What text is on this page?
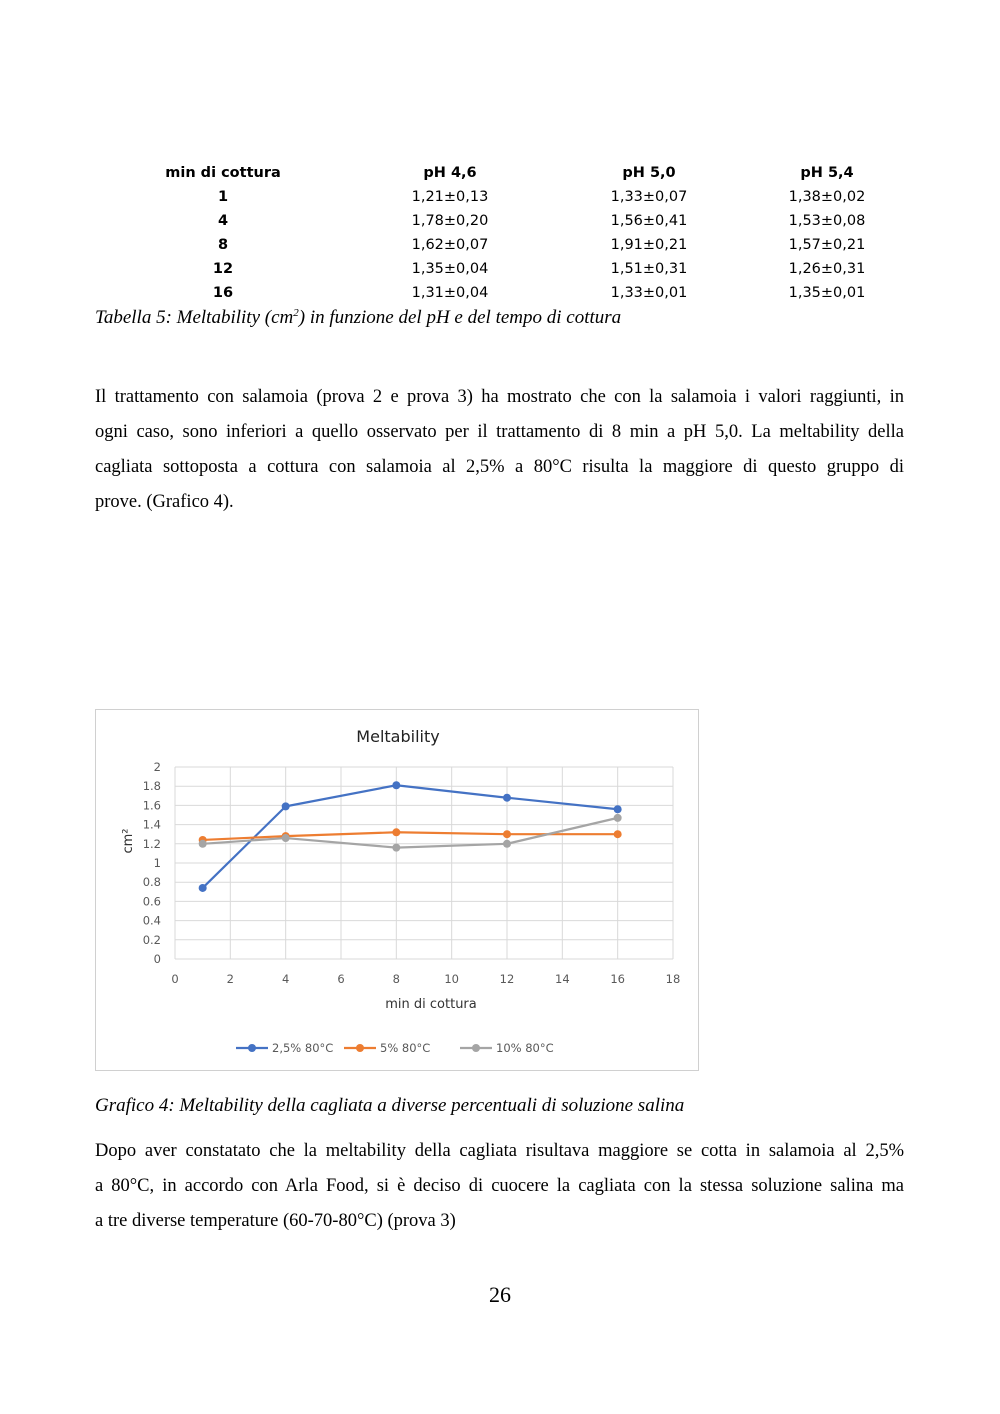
min di cottura	pH 4,6	pH 5,0	pH 5,4
1	1,21±0,13	1,33±0,07	1,38±0,02
4	1,78±0,20	1,56±0,41	1,53±0,08
8	1,62±0,07	1,91±0,21	1,57±0,21
12	1,35±0,04	1,51±0,31	1,26±0,31
16	1,31±0,04	1,33±0,01	1,35±0,01
Tabella 5: Meltability $(cm^2)$ in funzione del pH e del tempo di cottura
Il trattamento con salamoia (prova 2 e prova 3) ha mostrato che con la salamoia i valori raggiunti, in
ogni caso, sono inferiori a quello osservato per il trattamento di 8 min a pH 5,0. La meltability della
cagliata sottoposta a cottura con salamoia al 2,5% a 80°C risulta la maggiore di questo gruppo di
prove. (Grafico 4).
0
0.2
0.4
0.6
0.8
1
1.2
1.4
1.6
1.8
2
0	2	4	6	8	10	12	14	16	18
Meltability
min di cottura
cm²
2,5% 80°C	5% 80°C	10% 80°C
Grafico 4: Meltability della cagliata a diverse percentuali di soluzione salina
Dopo aver constatato che la meltability della cagliata risultava maggiore se cotta in salamoia al 2,5%
a 80°C, in accordo con Arla Food, si è deciso di cuocere la cagliata con la stessa soluzione salina ma
a tre diverse temperature (60-70-80°C) (prova 3)
26
